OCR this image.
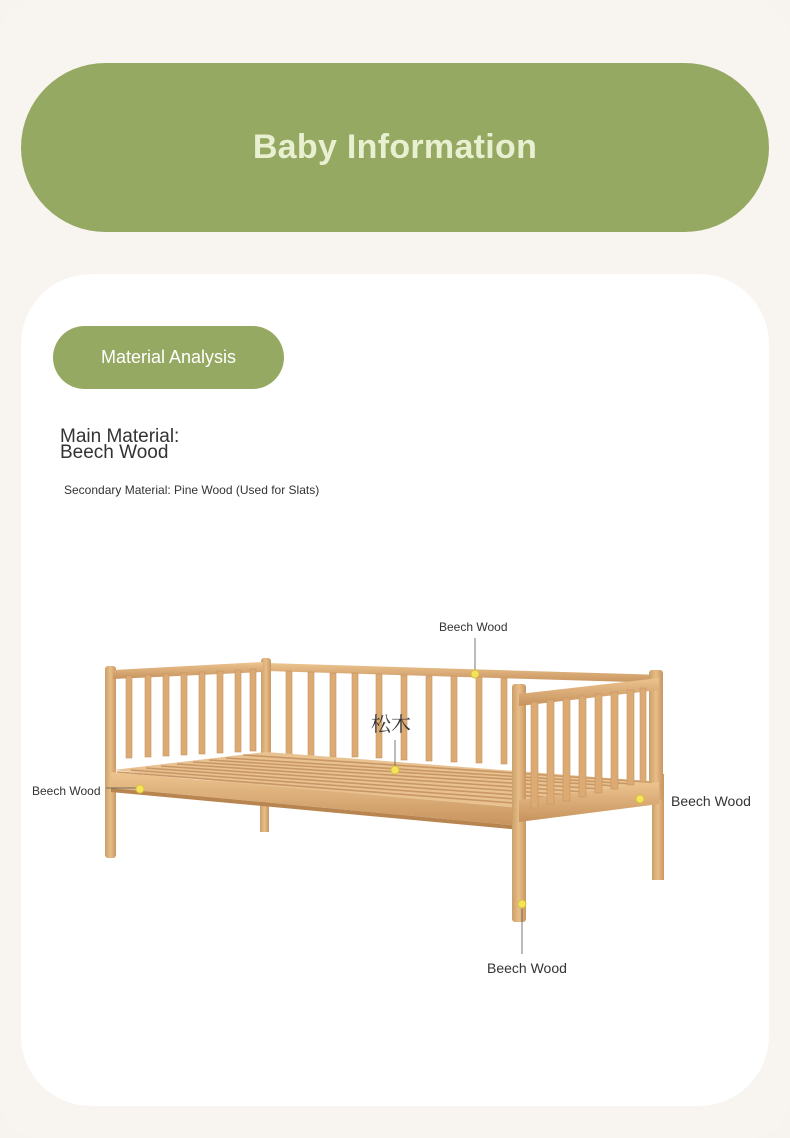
Baby Information
Material Analysis
Main Material:
Beech Wood
Secondary Material: Pine Wood (Used for Slats)
Beech Wood
Beech Wood
Beech Wood
Beech Wood
松木
